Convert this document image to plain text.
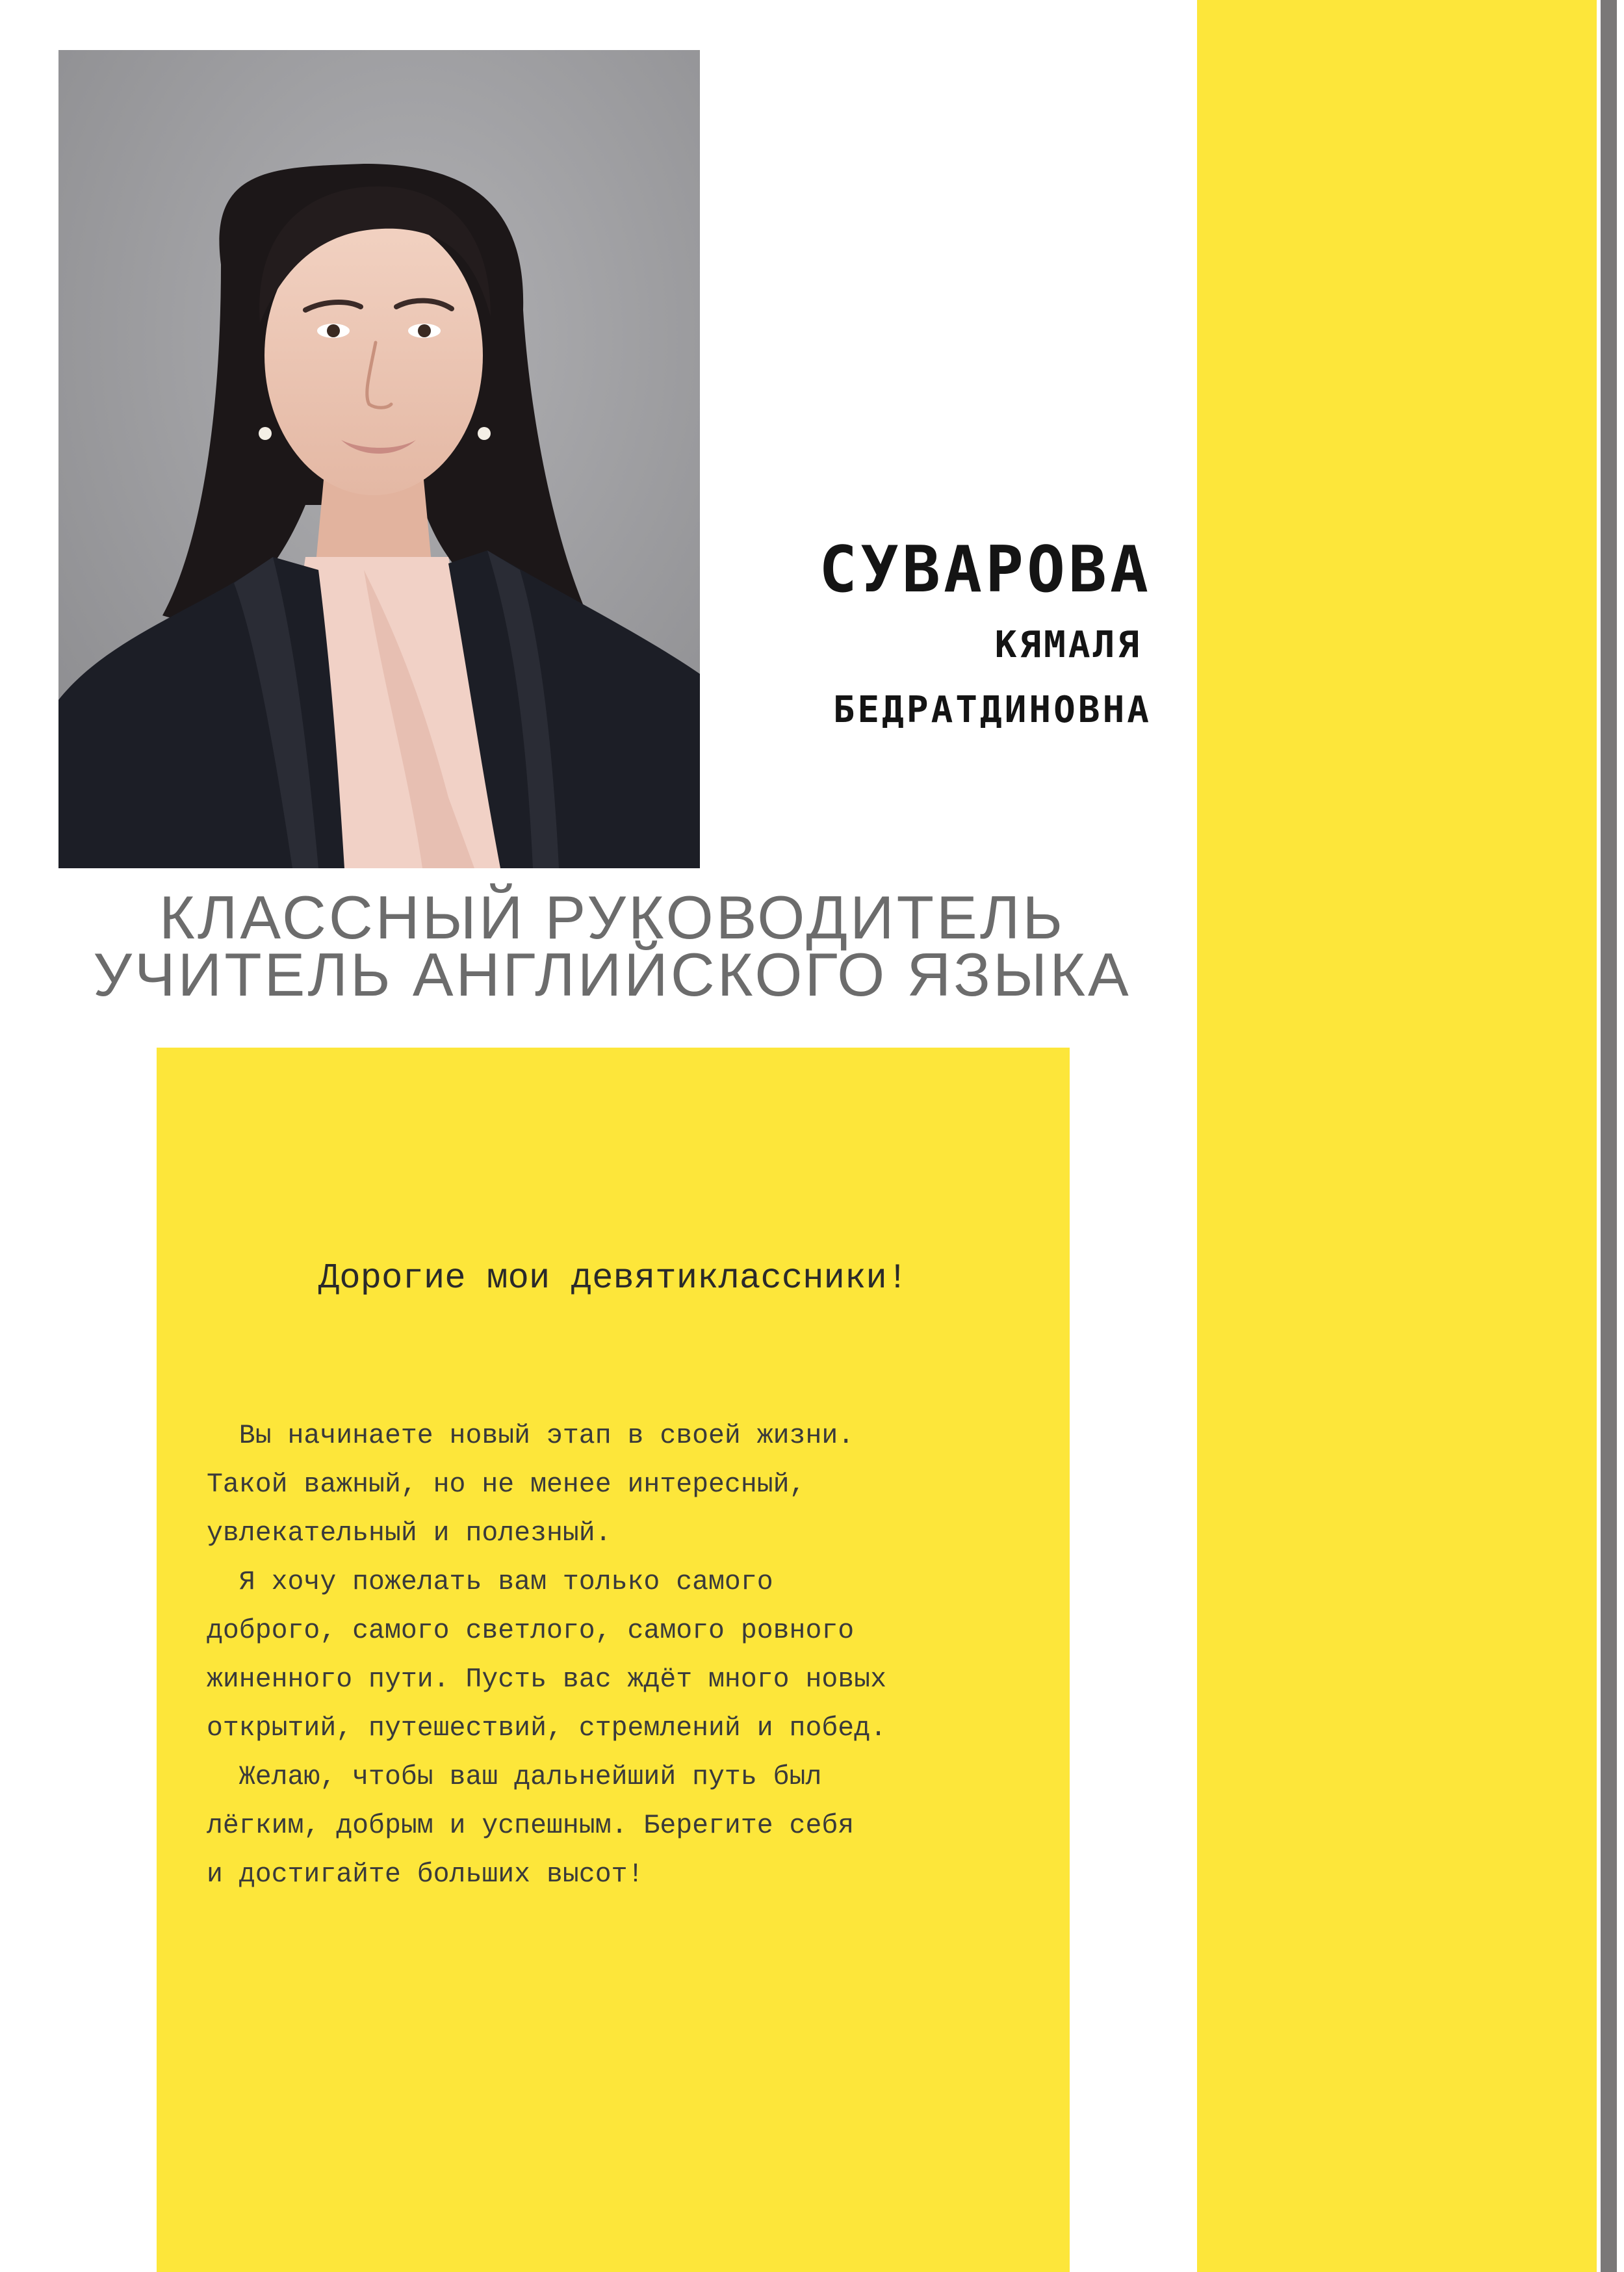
СУВАРОВА
КЯМАЛЯ
БЕДРАТДИНОВНА
КЛАССНЫЙ РУКОВОДИТЕЛЬ
УЧИТЕЛЬ АНГЛИЙСКОГО ЯЗЫКА
Дорогие мои девятиклассники!
Вы начинаете новый этап в своей жизни.
Такой важный, но не менее интересный,
увлекательный и полезный.
Я хочу пожелать вам только самого
доброго, самого светлого, самого ровного
жиненного пути. Пусть вас ждёт много новых
открытий, путешествий, стремлений и побед.
Желаю, чтобы ваш дальнейший путь был
лёгким, добрым и успешным. Берегите себя
и достигайте больших высот!
